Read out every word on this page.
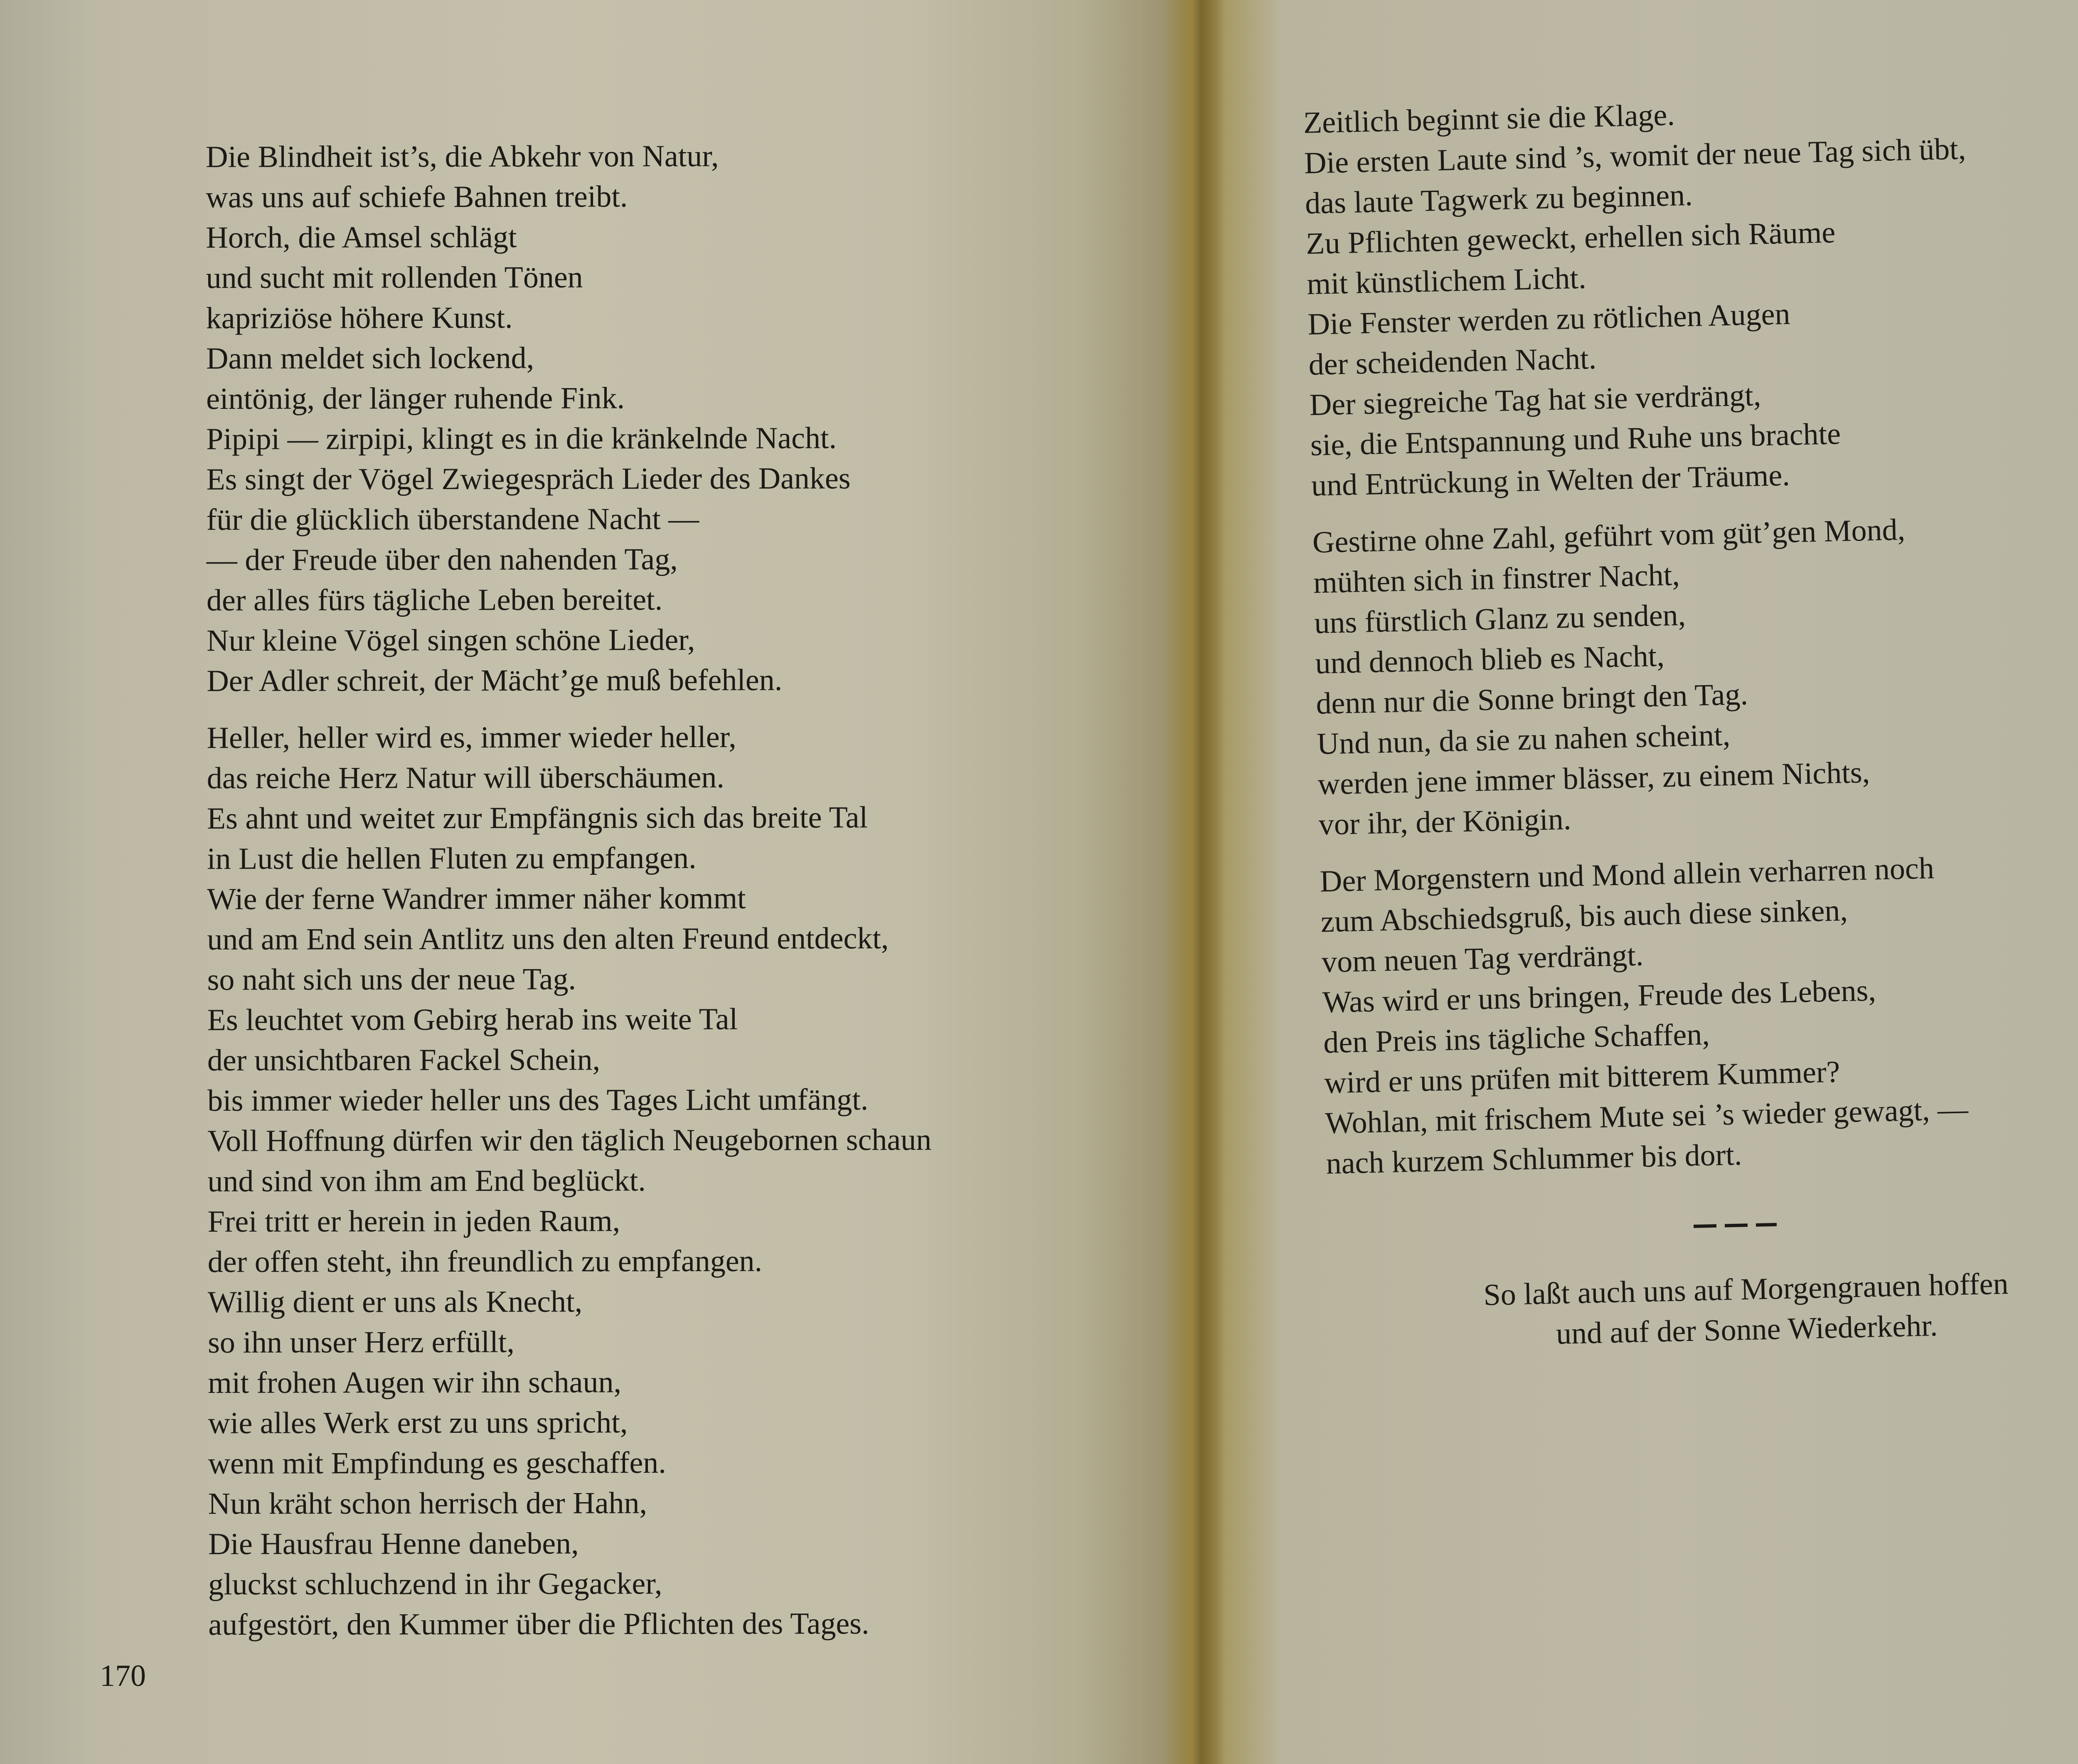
Die Blindheit ist’s, die Abkehr von Natur,
was uns auf schiefe Bahnen treibt.
Horch, die Amsel schlägt
und sucht mit rollenden Tönen
kapriziöse höhere Kunst.
Dann meldet sich lockend,
eintönig, der länger ruhende Fink.
Pipipi — zirpipi, klingt es in die kränkelnde Nacht.
Es singt der Vögel Zwiegespräch Lieder des Dankes
für die glücklich überstandene Nacht —
— der Freude über den nahenden Tag,
der alles fürs tägliche Leben bereitet.
Nur kleine Vögel singen schöne Lieder,
Der Adler schreit, der Mächt’ge muß befehlen.
Heller, heller wird es, immer wieder heller,
das reiche Herz Natur will überschäumen.
Es ahnt und weitet zur Empfängnis sich das breite Tal
in Lust die hellen Fluten zu empfangen.
Wie der ferne Wandrer immer näher kommt
und am End sein Antlitz uns den alten Freund entdeckt,
so naht sich uns der neue Tag.
Es leuchtet vom Gebirg herab ins weite Tal
der unsichtbaren Fackel Schein,
bis immer wieder heller uns des Tages Licht umfängt.
Voll Hoffnung dürfen wir den täglich Neugebornen schaun
und sind von ihm am End beglückt.
Frei tritt er herein in jeden Raum,
der offen steht, ihn freundlich zu empfangen.
Willig dient er uns als Knecht,
so ihn unser Herz erfüllt,
mit frohen Augen wir ihn schaun,
wie alles Werk erst zu uns spricht,
wenn mit Empfindung es geschaffen.
Nun kräht schon herrisch der Hahn,
Die Hausfrau Henne daneben,
gluckst schluchzend in ihr Gegacker,
aufgestört, den Kummer über die Pflichten des Tages.
170
Zeitlich beginnt sie die Klage.
Die ersten Laute sind ’s, womit der neue Tag sich übt,
das laute Tagwerk zu beginnen.
Zu Pflichten geweckt, erhellen sich Räume
mit künstlichem Licht.
Die Fenster werden zu rötlichen Augen
der scheidenden Nacht.
Der siegreiche Tag hat sie verdrängt,
sie, die Entspannung und Ruhe uns brachte
und Entrückung in Welten der Träume.
Gestirne ohne Zahl, geführt vom güt’gen Mond,
mühten sich in finstrer Nacht,
uns fürstlich Glanz zu senden,
und dennoch blieb es Nacht,
denn nur die Sonne bringt den Tag.
Und nun, da sie zu nahen scheint,
werden jene immer blässer, zu einem Nichts,
vor ihr, der Königin.
Der Morgenstern und Mond allein verharren noch
zum Abschiedsgruß, bis auch diese sinken,
vom neuen Tag verdrängt.
Was wird er uns bringen, Freude des Lebens,
den Preis ins tägliche Schaffen,
wird er uns prüfen mit bitterem Kummer?
Wohlan, mit frischem Mute sei ’s wieder gewagt, —
nach kurzem Schlummer bis dort.
So laßt auch uns auf Morgengrauen hoffen
und auf der Sonne Wiederkehr.
